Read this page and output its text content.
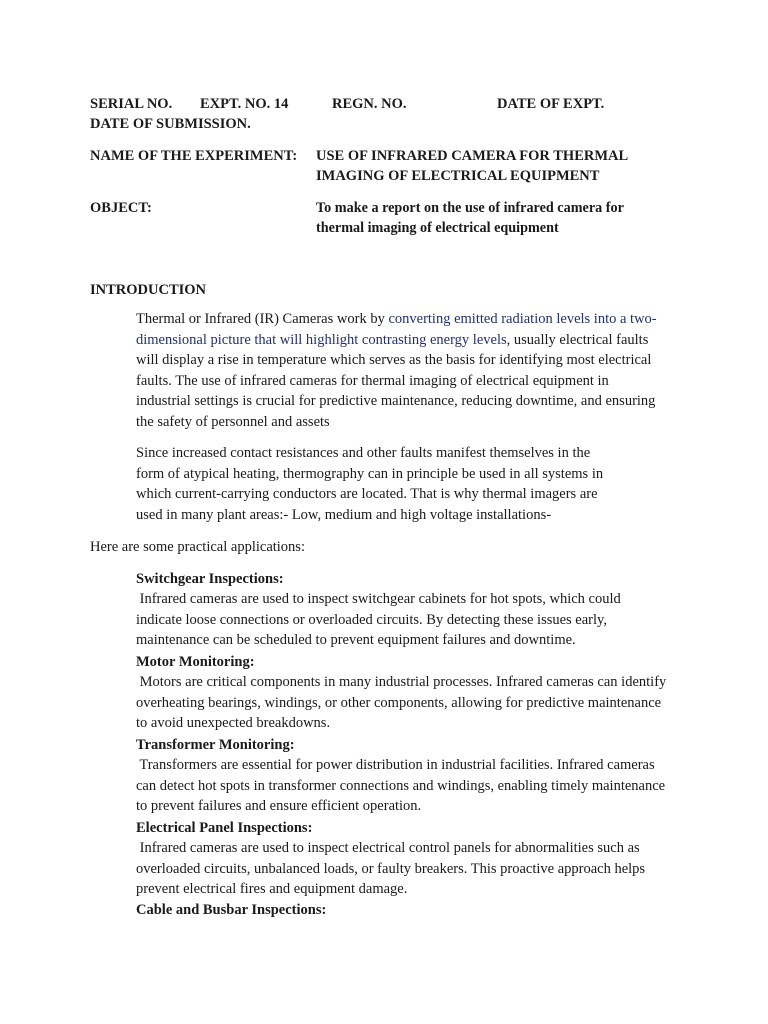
SERIAL NO. EXPT. NO. 14	REGN. NO.	DATE OF EXPT.
DATE OF SUBMISSION.
NAME OF THE EXPERIMENT: USE OF INFRARED CAMERA FOR THERMAL
IMAGING OF ELECTRICAL EQUIPMENT
OBJECT:	To make a report on the use of infrared camera for
thermal imaging of electrical equipment
INTRODUCTION
Thermal or Infrared (IR) Cameras work by converting emitted radiation levels into a two-
dimensional picture that will highlight contrasting energy levels, usually electrical faults
will display a rise in temperature which serves as the basis for identifying most electrical
faults. The use of infrared cameras for thermal imaging of electrical equipment in
industrial settings is crucial for predictive maintenance, reducing downtime, and ensuring
the safety of personnel and assets
Since increased contact resistances and other faults manifest themselves in the
form of atypical heating, thermography can in principle be used in all systems in
which current-carrying conductors are located. That is why thermal imagers are
used in many plant areas:- Low, medium and high voltage installations-
Here are some practical applications:
Switchgear Inspections:
Infrared cameras are used to inspect switchgear cabinets for hot spots, which could
indicate loose connections or overloaded circuits. By detecting these issues early,
maintenance can be scheduled to prevent equipment failures and downtime.
Motor Monitoring:
Motors are critical components in many industrial processes. Infrared cameras can identify
overheating bearings, windings, or other components, allowing for predictive maintenance
to avoid unexpected breakdowns.
Transformer Monitoring:
Transformers are essential for power distribution in industrial facilities. Infrared cameras
can detect hot spots in transformer connections and windings, enabling timely maintenance
to prevent failures and ensure efficient operation.
Electrical Panel Inspections:
Infrared cameras are used to inspect electrical control panels for abnormalities such as
overloaded circuits, unbalanced loads, or faulty breakers. This proactive approach helps
prevent electrical fires and equipment damage.
Cable and Busbar Inspections:
